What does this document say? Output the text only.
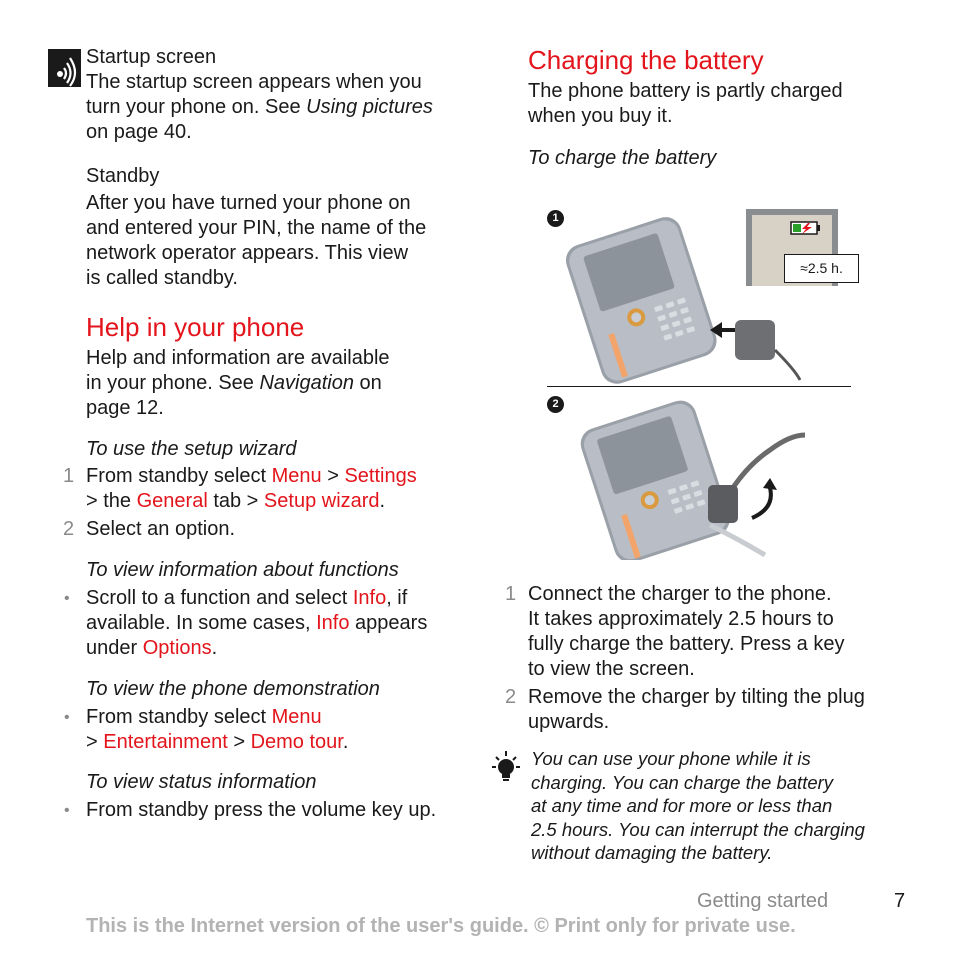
Startup screen
The startup screen appears when you
turn your phone on. See Using pictures
on page 40.
Standby
After you have turned your phone on
and entered your PIN, the name of the
network operator appears. This view
is called standby.
Help in your phone
Help and information are available
in your phone. See Navigation on
page 12.
To use the setup wizard
1 From standby select Menu > Settings
> the General tab > Setup wizard.
2 Select an option.
To view information about functions
• Scroll to a function and select Info, if
available. In some cases, Info appears
under Options.
To view the phone demonstration
• From standby select Menu
> Entertainment > Demo tour.
To view status information
• From standby press the volume key up.
Charging the battery
The phone battery is partly charged
when you buy it.
To charge the battery
1
2
≈2.5 h.
1 Connect the charger to the phone.
It takes approximately 2.5 hours to
fully charge the battery. Press a key
to view the screen.
2 Remove the charger by tilting the plug
upwards.
You can use your phone while it is
charging. You can charge the battery
at any time and for more or less than
2.5 hours. You can interrupt the charging
without damaging the battery.
Getting started	7
This is the Internet version of the user's guide. © Print only for private use.
